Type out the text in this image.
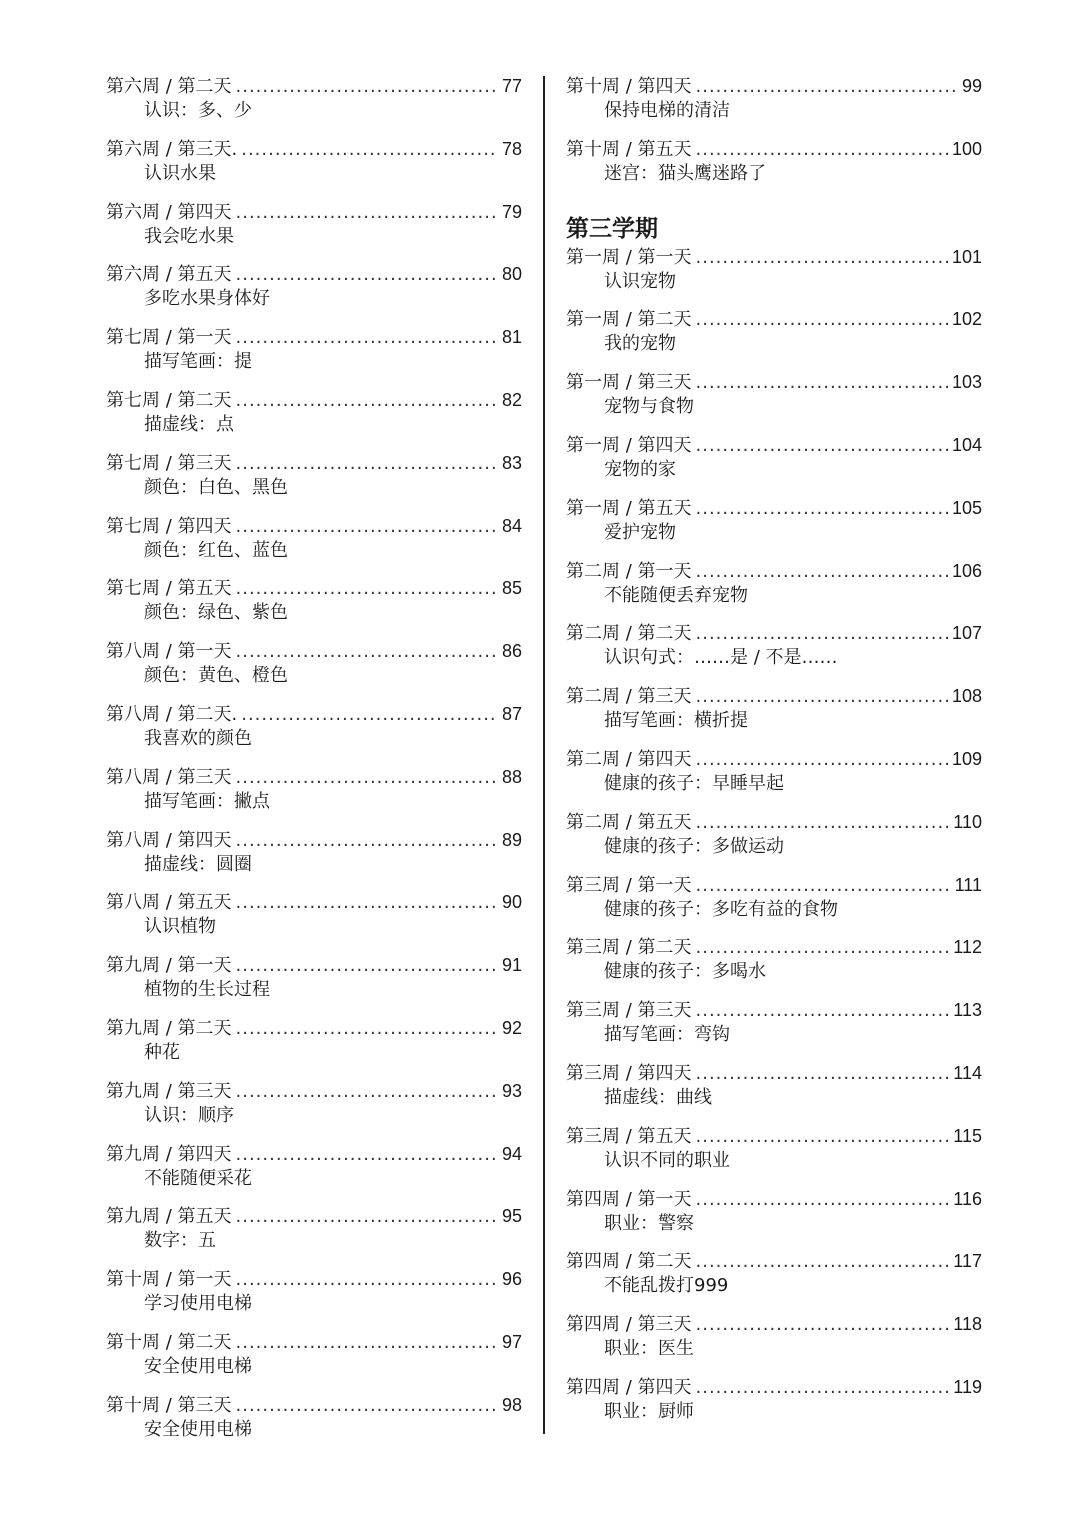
第六周 / 第二天 .....	77
认识：多、少
第六周 / 第三天. .....	78
认识水果
第六周 / 第四天 .....	79
我会吃水果
第六周 / 第五天 .....	80
多吃水果身体好
第七周 / 第一天 .....	81
描写笔画：提
第七周 / 第二天 .....	82
描虚线：点
第七周 / 第三天 .....	83
颜色：白色、黑色
第七周 / 第四天 .....	84
颜色：红色、蓝色
第七周 / 第五天 .....	85
颜色：绿色、紫色
第八周 / 第一天 .....	86
颜色：黄色、橙色
第八周 / 第二天. .....	87
我喜欢的颜色
第八周 / 第三天 .....	88
描写笔画：撇点
第八周 / 第四天 .....	89
描虚线：圆圈
第八周 / 第五天 .....	90
认识植物
第九周 / 第一天 .....	91
植物的生长过程
第九周 / 第二天 .....	92
种花
第九周 / 第三天 .....	93
认识：顺序
第九周 / 第四天 .....	94
不能随便采花
第九周 / 第五天 .....	95
数字：五
第十周 / 第一天 .....	96
学习使用电梯
第十周 / 第二天 .....	97
安全使用电梯
第十周 / 第三天 .....	98
安全使用电梯
第十周 / 第四天 .....	99
保持电梯的清洁
第十周 / 第五天 .....	100
迷宫：猫头鹰迷路了
第三学期
第一周 / 第一天 .....	101
认识宠物
第一周 / 第二天 .....	102
我的宠物
第一周 / 第三天 .....	103
宠物与食物
第一周 / 第四天 .....	104
宠物的家
第一周 / 第五天 .....	105
爱护宠物
第二周 / 第一天 .....	106
不能随便丢弃宠物
第二周 / 第二天 .....	107
认识句式：……是 / 不是……
第二周 / 第三天 .....	108
描写笔画：横折提
第二周 / 第四天 .....	109
健康的孩子：早睡早起
第二周 / 第五天 .....	110
健康的孩子：多做运动
第三周 / 第一天 .....	111
健康的孩子：多吃有益的食物
第三周 / 第二天 .....	112
健康的孩子：多喝水
第三周 / 第三天 .....	113
描写笔画：弯钩
第三周 / 第四天 .....	114
描虚线：曲线
第三周 / 第五天 .....	115
认识不同的职业
第四周 / 第一天 .....	116
职业：警察
第四周 / 第二天 .....	117
不能乱拨打999
第四周 / 第三天 .....	118
职业：医生
第四周 / 第四天 .....	119
职业：厨师
